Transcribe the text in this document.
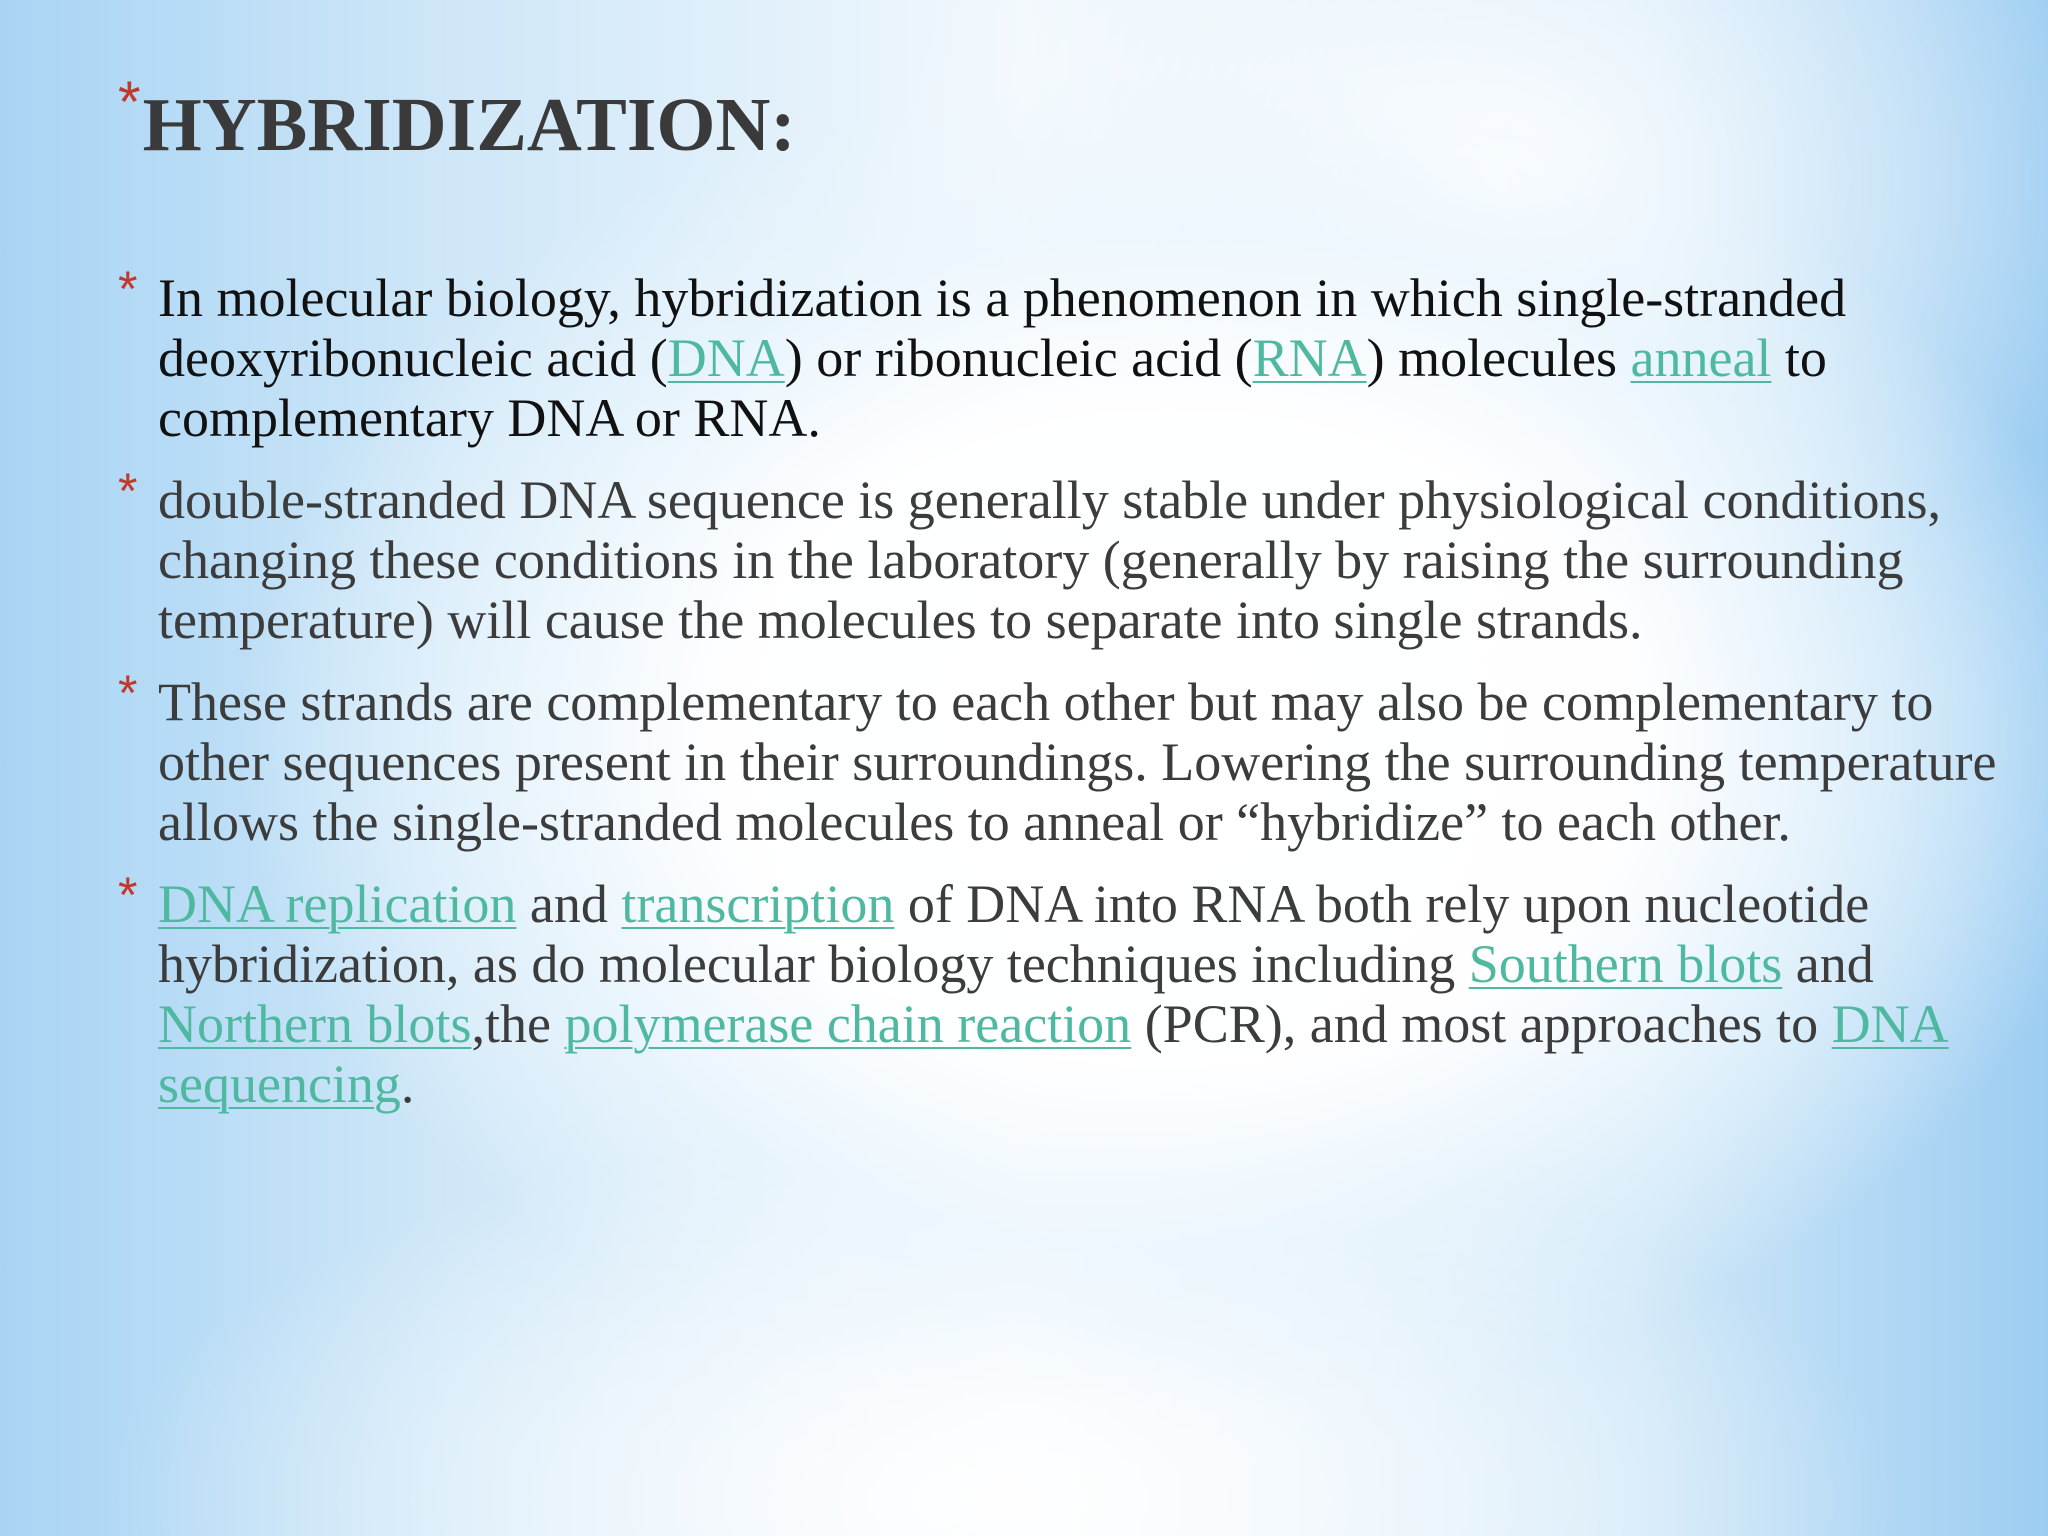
* HYBRIDIZATION:
* In molecular biology, hybridization is a phenomenon in which single-stranded deoxyribonucleic acid (DNA) or ribonucleic acid (RNA) molecules anneal to complementary DNA or RNA.
* double-stranded DNA sequence is generally stable under physiological conditions, changing these conditions in the laboratory (generally by raising the surrounding temperature) will cause the molecules to separate into single strands.
* These strands are complementary to each other but may also be complementary to other sequences present in their surroundings. Lowering the surrounding temperature allows the single-stranded molecules to anneal or “hybridize” to each other.
* DNA replication and transcription of DNA into RNA both rely upon nucleotide hybridization, as do molecular biology techniques including Southern blots and Northern blots,the polymerase chain reaction (PCR), and most approaches to DNA sequencing.
